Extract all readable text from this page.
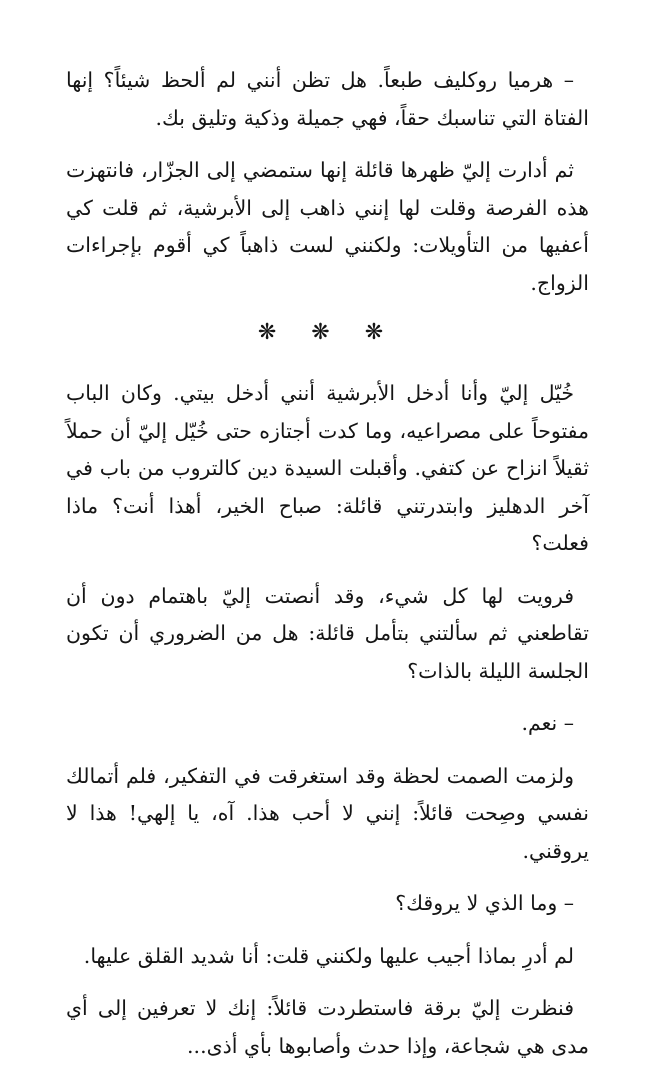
– هرميا روكليف طبعاً. هل تظن أنني لم ألحظ شيئاً؟ إنها الفتاة التي تناسبك حقاً، فهي جميلة وذكية وتليق بك.

ثم أدارت إليّ ظهرها قائلة إنها ستمضي إلى الجزّار، فانتهزت هذه الفرصة وقلت لها إنني ذاهب إلى الأبرشية، ثم قلت كي أعفيها من التأويلات: ولكنني لست ذاهباً كي أقوم بإجراءات الزواج.

❋ ❋ ❋

خُيّل إليّ وأنا أدخل الأبرشية أنني أدخل بيتي. وكان الباب مفتوحاً على مصراعيه، وما كدت أجتازه حتى خُيّل إليّ أن حملاً ثقيلاً انزاح عن كتفي. وأقبلت السيدة دين كالتروب من باب في آخر الدهليز وابتدرتني قائلة: صباح الخير، أهذا أنت؟ ماذا فعلت؟

فرويت لها كل شيء، وقد أنصتت إليّ باهتمام دون أن تقاطعني ثم سألتني بتأمل قائلة: هل من الضروري أن تكون الجلسة الليلة بالذات؟

– نعم.

ولزمت الصمت لحظة وقد استغرقت في التفكير، فلم أتمالك نفسي وصِحت قائلاً: إنني لا أحب هذا. آه، يا إلهي! هذا لا يروقني.

– وما الذي لا يروقك؟

لم أدرِ بماذا أجيب عليها ولكنني قلت: أنا شديد القلق عليها.

فنظرت إليّ برقة فاستطردت قائلاً: إنك لا تعرفين إلى أي مدى هي شجاعة، وإذا حدث وأصابوها بأي أذى...
